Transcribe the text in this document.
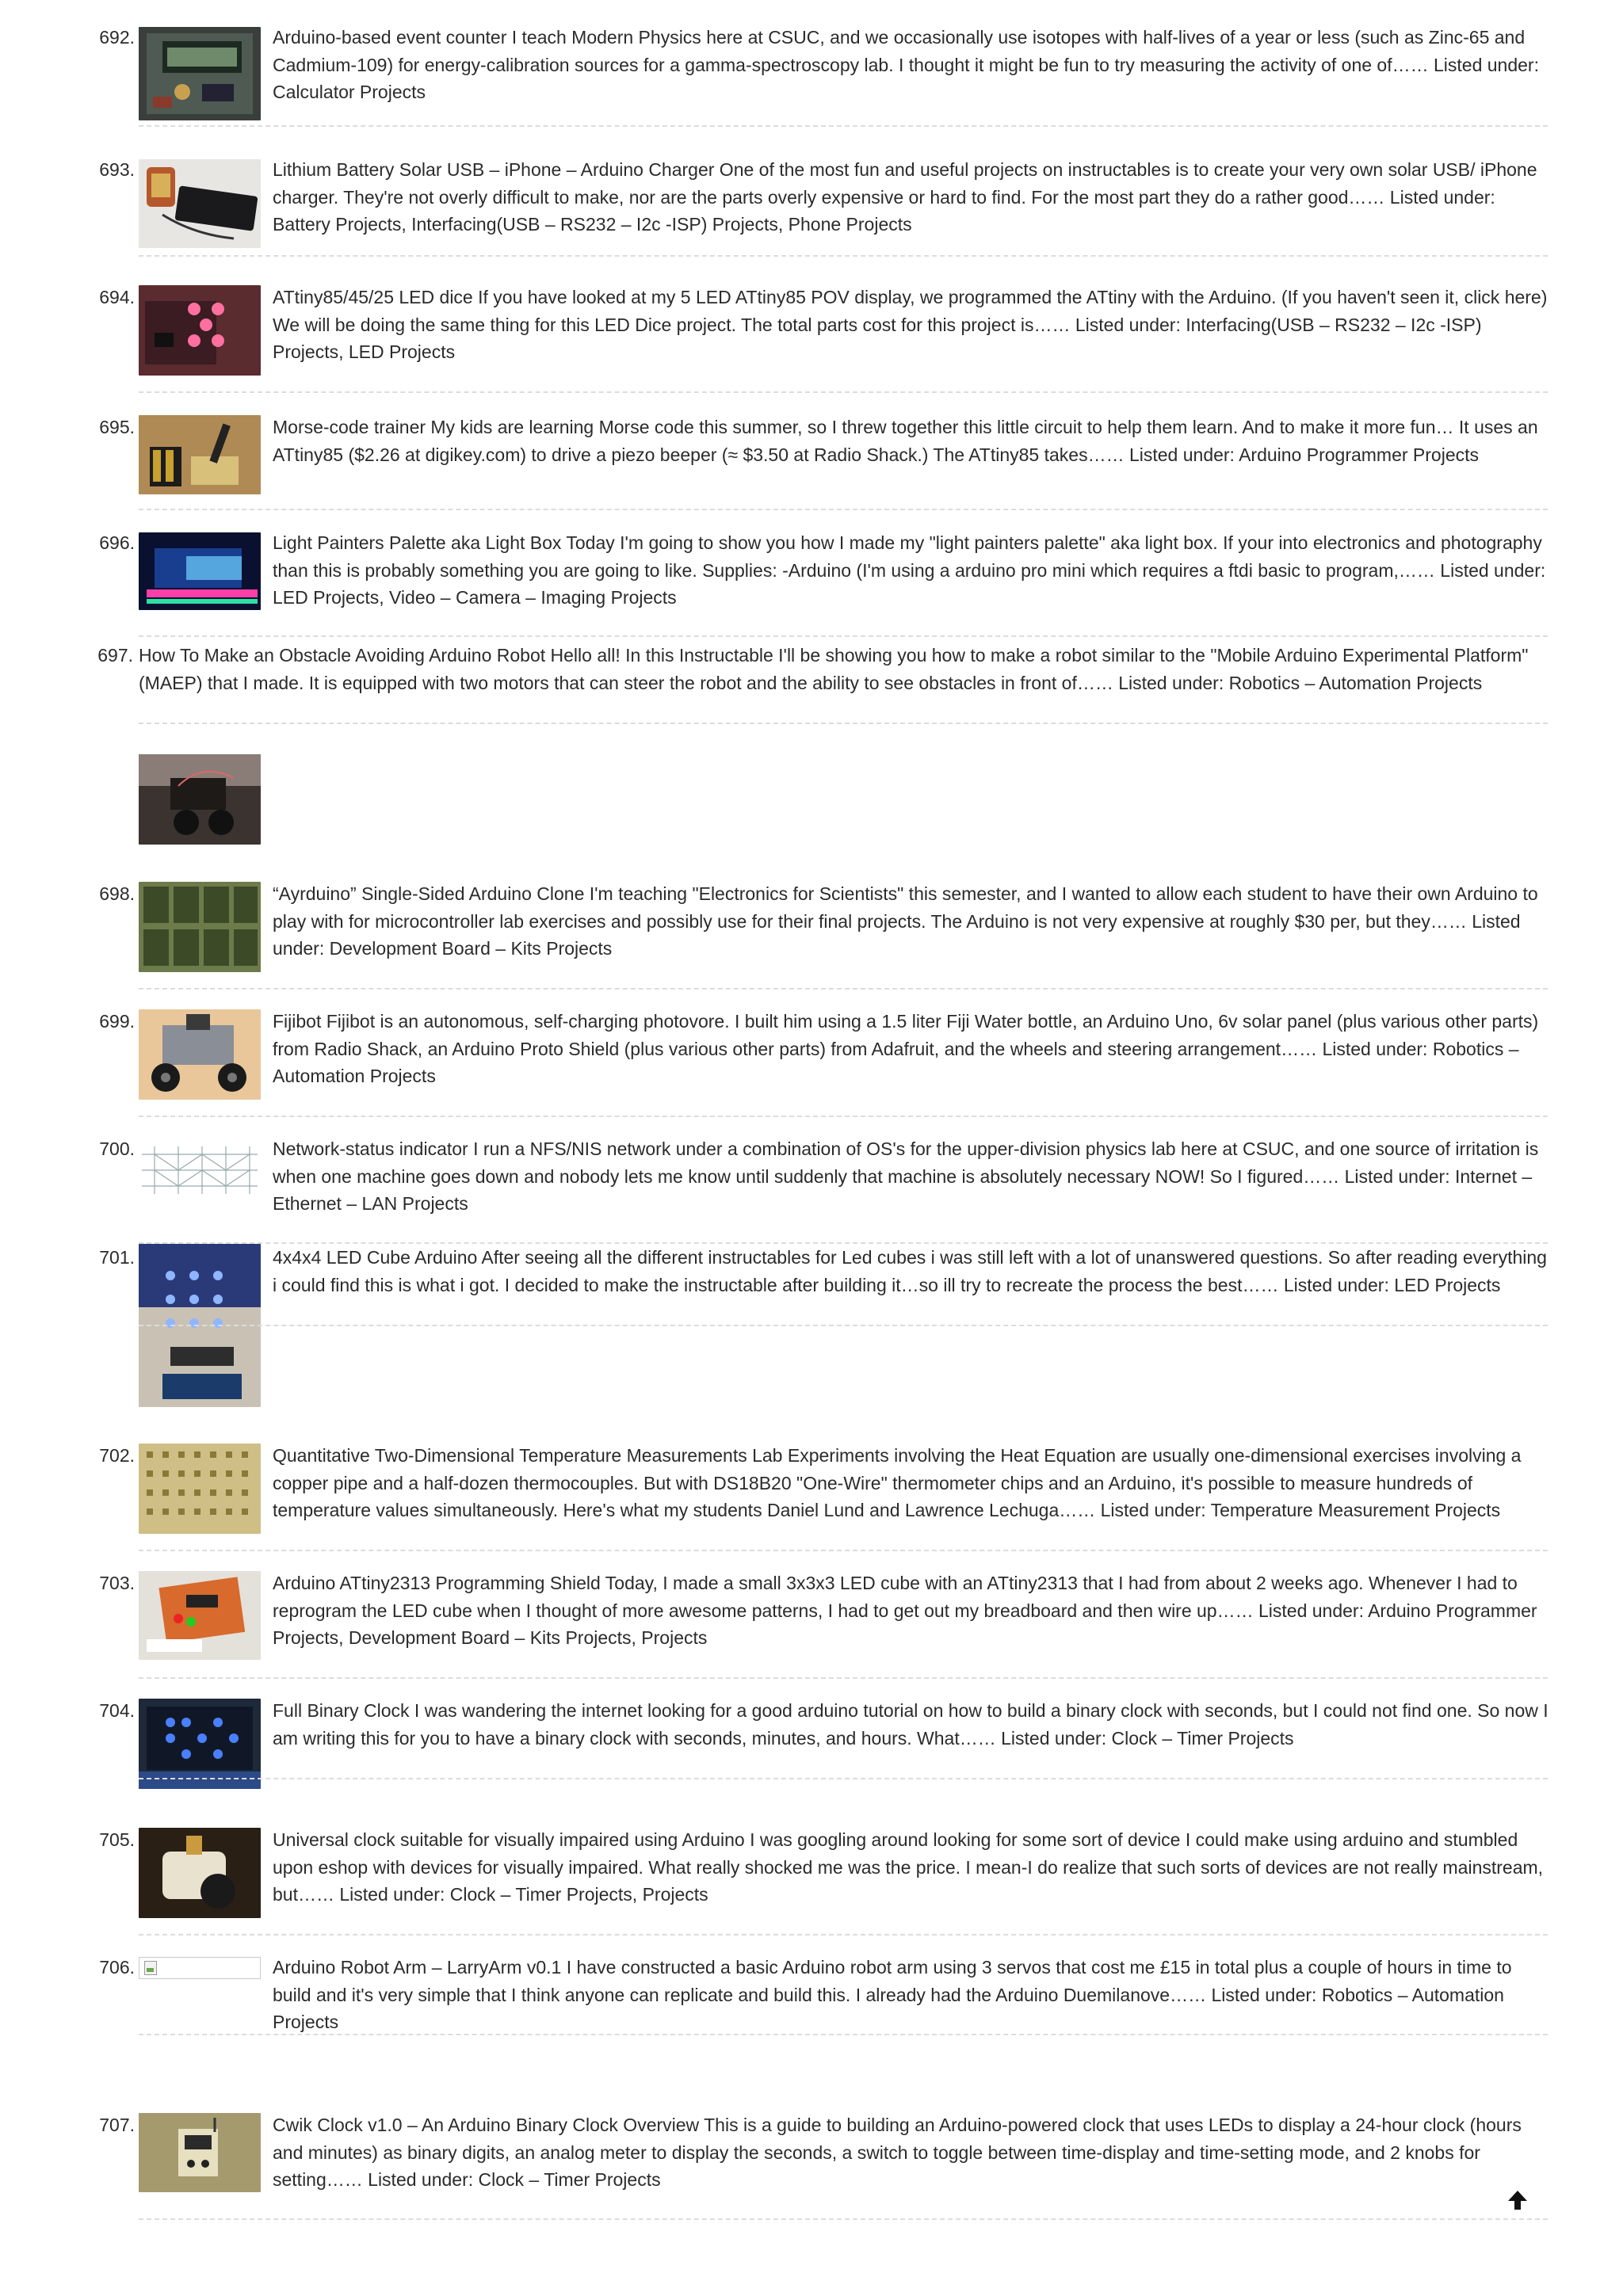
692.	Arduino-based event counter I teach Modern Physics here at CSUC, and we occasionally use isotopes with half-lives of a year or less (such as Zinc-65 and Cadmium-109) for energy-calibration sources for a gamma-spectroscopy lab. I thought it might be fun to try measuring the activity of one of…… Listed under: Calculator Projects

693.	Lithium Battery Solar USB – iPhone – Arduino Charger One of the most fun and useful projects on instructables is to create your very own solar USB/ iPhone charger. They're not overly difficult to make, nor are the parts overly expensive or hard to find. For the most part they do a rather good…… Listed under: Battery Projects, Interfacing(USB – RS232 – I2c -ISP) Projects, Phone Projects

694.	ATtiny85/45/25 LED dice If you have looked at my 5 LED ATtiny85 POV display, we programmed the ATtiny with the Arduino. (If you haven't seen it, click here) We will be doing the same thing for this LED Dice project. The total parts cost for this project is…… Listed under: Interfacing(USB – RS232 – I2c -ISP) Projects, LED Projects

695.	Morse-code trainer My kids are learning Morse code this summer, so I threw together this little circuit to help them learn. And to make it more fun… It uses an ATtiny85 ($2.26 at digikey.com) to drive a piezo beeper (≈ $3.50 at Radio Shack.) The ATtiny85 takes…… Listed under: Arduino Programmer Projects

696.	Light Painters Palette aka Light Box Today I'm going to show you how I made my "light painters palette" aka light box. If your into electronics and photography than this is probably something you are going to like. Supplies: -Arduino (I'm using a arduino pro mini which requires a ftdi basic to program,…… Listed under: LED Projects, Video – Camera – Imaging Projects

697. How To Make an Obstacle Avoiding Arduino Robot Hello all! In this Instructable I'll be showing you how to make a robot similar to the "Mobile Arduino Experimental Platform" (MAEP) that I made. It is equipped with two motors that can steer the robot and the ability to see obstacles in front of…… Listed under: Robotics – Automation Projects

698.	“Ayrduino” Single-Sided Arduino Clone I'm teaching "Electronics for Scientists" this semester, and I wanted to allow each student to have their own Arduino to play with for microcontroller lab exercises and possibly use for their final projects. The Arduino is not very expensive at roughly $30 per, but they…… Listed under: Development Board – Kits Projects

699.	Fijibot Fijibot is an autonomous, self-charging photovore. I built him using a 1.5 liter Fiji Water bottle, an Arduino Uno, 6v solar panel (plus various other parts) from Radio Shack, an Arduino Proto Shield (plus various other parts) from Adafruit, and the wheels and steering arrangement…… Listed under: Robotics – Automation Projects

700.	Network-status indicator I run a NFS/NIS network under a combination of OS's for the upper-division physics lab here at CSUC, and one source of irritation is when one machine goes down and nobody lets me know until suddenly that machine is absolutely necessary NOW! So I figured…… Listed under: Internet – Ethernet – LAN Projects

701.	4x4x4 LED Cube Arduino After seeing all the different instructables for Led cubes i was still left with a lot of unanswered questions. So after reading everything i could find this is what i got. I decided to make the instructable after building it…so ill try to recreate the process the best…… Listed under: LED Projects

702.	Quantitative Two-Dimensional Temperature Measurements Lab Experiments involving the Heat Equation are usually one-dimensional exercises involving a copper pipe and a half-dozen thermocouples. But with DS18B20 "One-Wire" thermometer chips and an Arduino, it's possible to measure hundreds of temperature values simultaneously. Here's what my students Daniel Lund and Lawrence Lechuga…… Listed under: Temperature Measurement Projects

703.	Arduino ATtiny2313 Programming Shield Today, I made a small 3x3x3 LED cube with an ATtiny2313 that I had from about 2 weeks ago. Whenever I had to reprogram the LED cube when I thought of more awesome patterns, I had to get out my breadboard and then wire up…… Listed under: Arduino Programmer Projects, Development Board – Kits Projects, Projects

704.	Full Binary Clock I was wandering the internet looking for a good arduino tutorial on how to build a binary clock with seconds, but I could not find one. So now I am writing this for you to have a binary clock with seconds, minutes, and hours. What…… Listed under: Clock – Timer Projects

705.	Universal clock suitable for visually impaired using Arduino I was googling around looking for some sort of device I could make using arduino and stumbled upon eshop with devices for visually impaired. What really shocked me was the price. I mean-I do realize that such sorts of devices are not really mainstream, but…… Listed under: Clock – Timer Projects, Projects

706.	Arduino Robot Arm – LarryArm v0.1 I have constructed a basic Arduino robot arm using 3 servos that cost me £15 in total plus a couple of hours in time to build and it's very simple that I think anyone can replicate and build this. I already had the Arduino Duemilanove…… Listed under: Robotics – Automation Projects

707.	Cwik Clock v1.0 – An Arduino Binary Clock Overview This is a guide to building an Arduino-powered clock that uses LEDs to display a 24-hour clock (hours and minutes) as binary digits, an analog meter to display the seconds, a switch to toggle between time-display and time-setting mode, and 2 knobs for setting…… Listed under: Clock – Timer Projects
